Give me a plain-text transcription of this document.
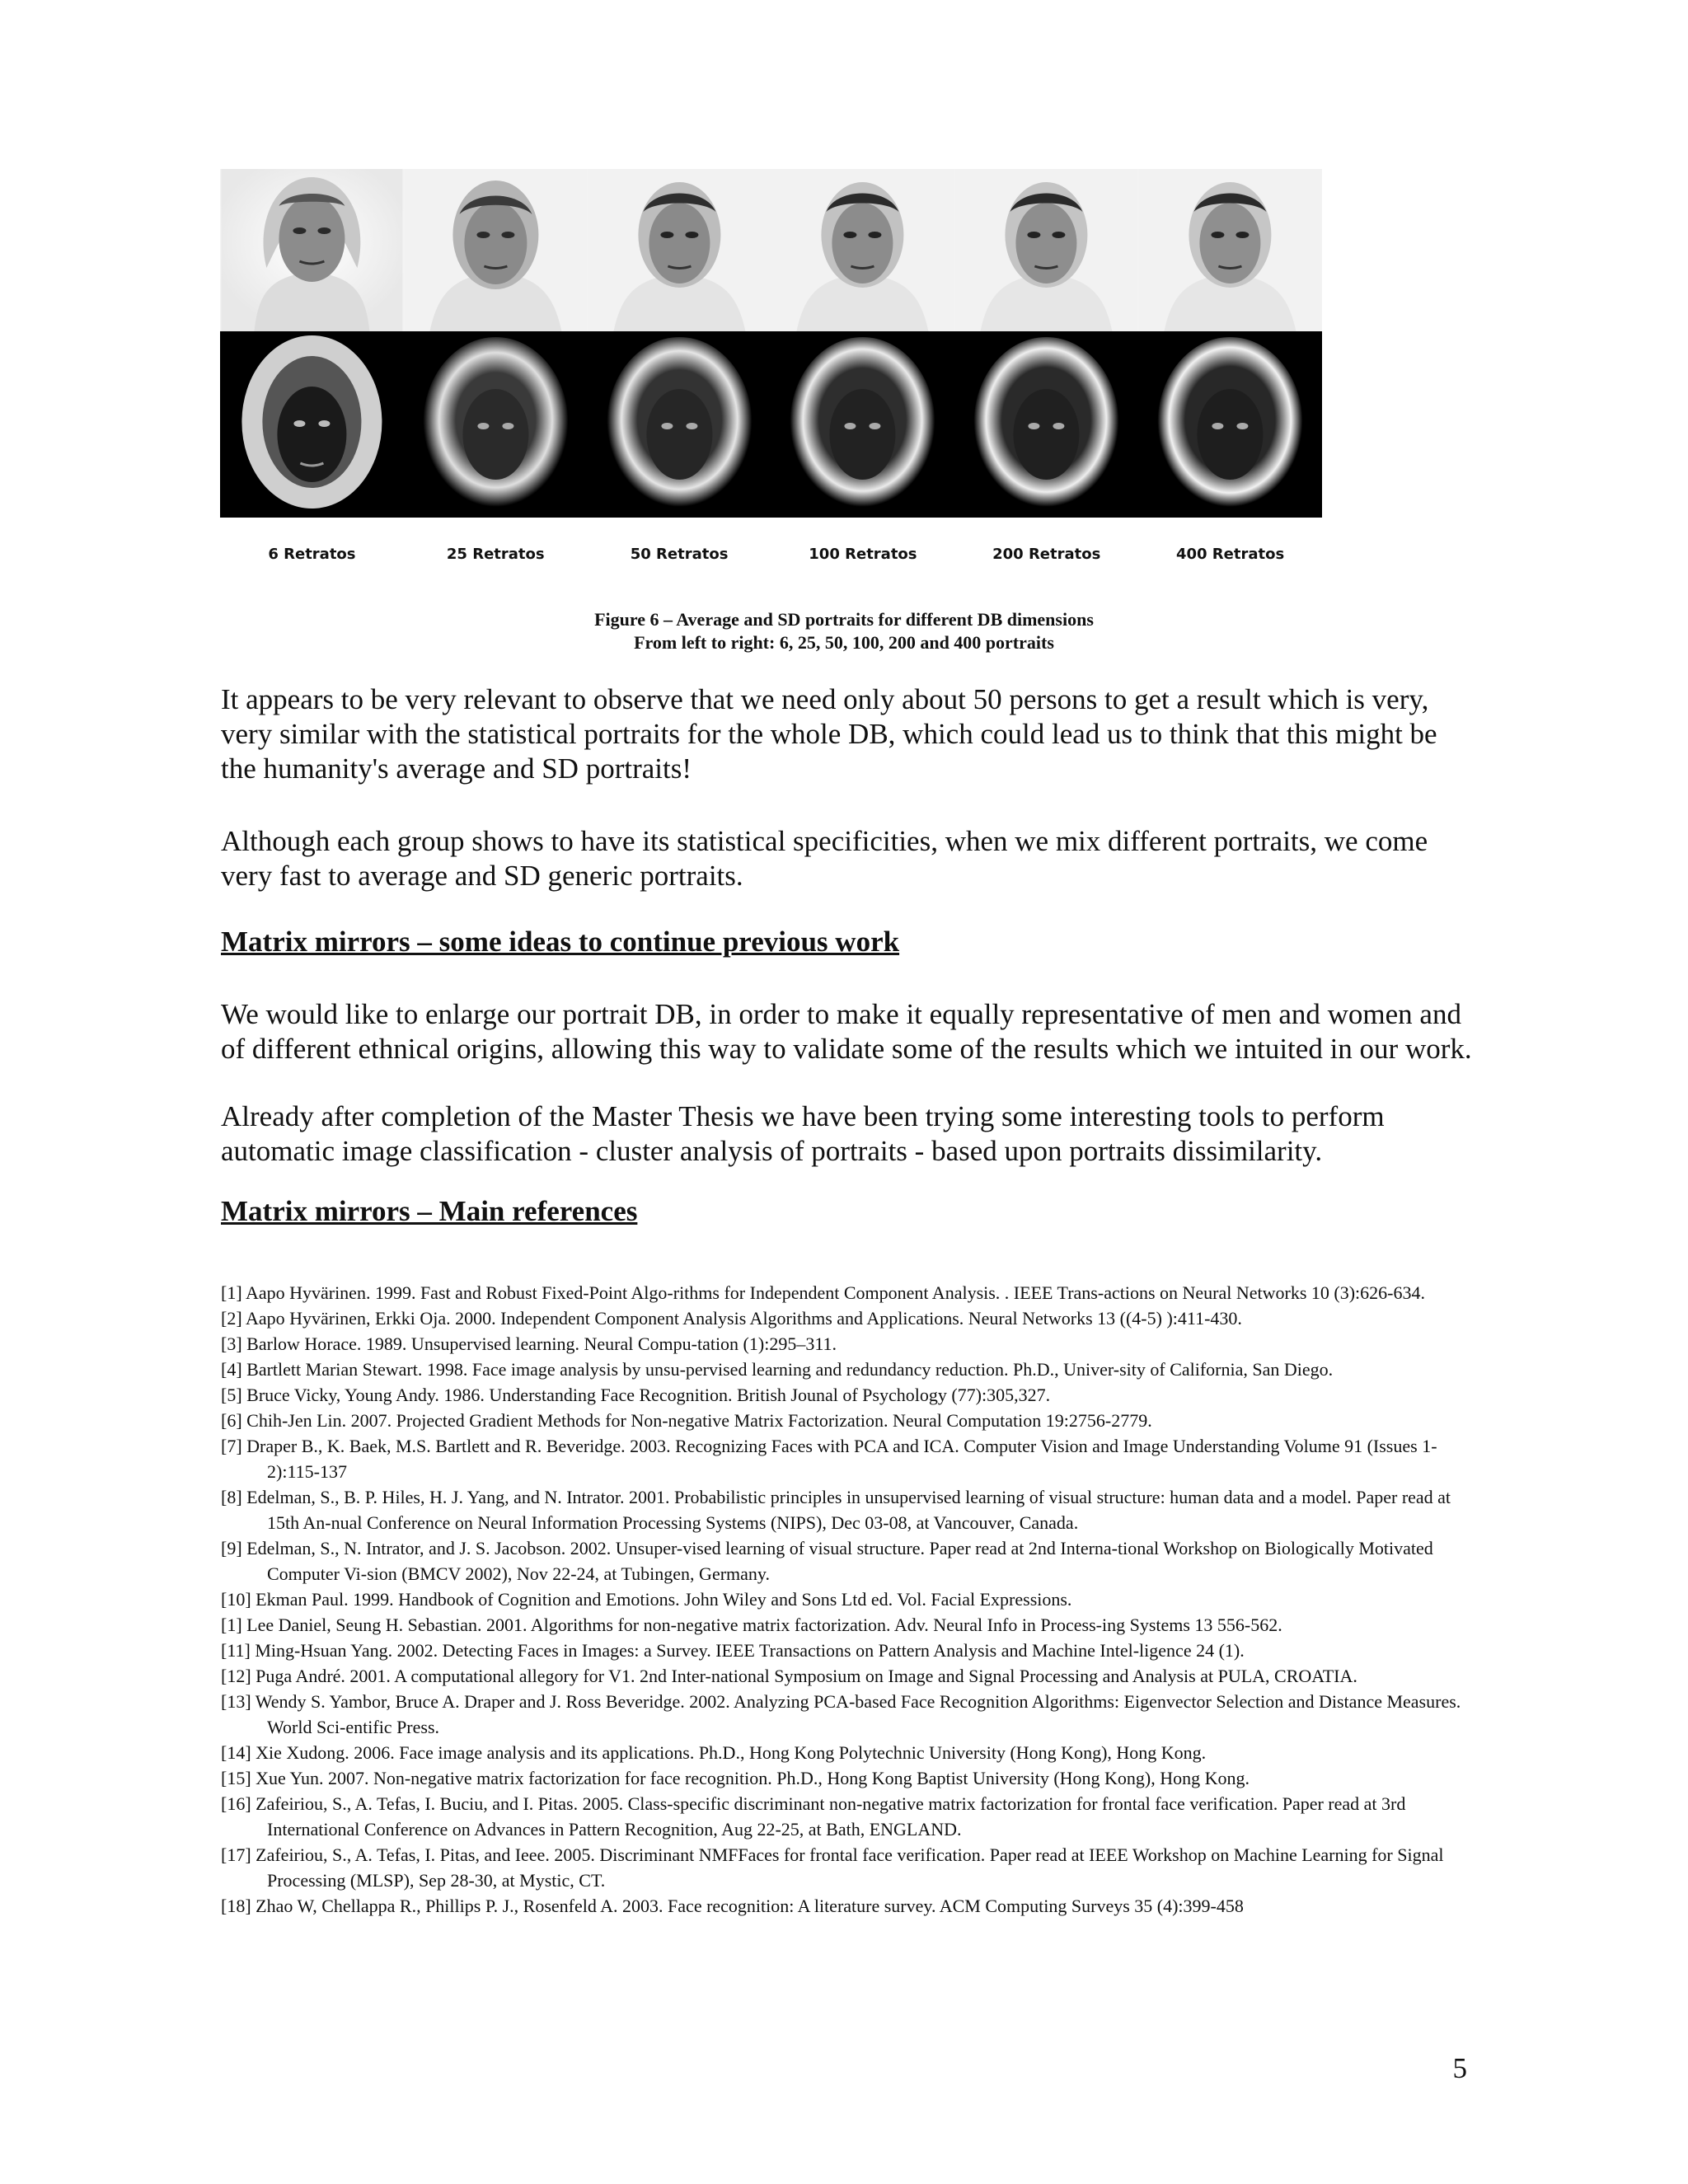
6 Retratos	25 Retratos	50 Retratos	100 Retratos	200 Retratos	400 Retratos
Figure 6 – Average and SD portraits for different DB dimensions
From left to right: 6, 25, 50, 100, 200 and 400 portraits

It appears to be very relevant to observe that we need only about 50 persons to get a result which is very, very similar with the statistical portraits for the whole DB, which could lead us to think that this might be the humanity's average and SD portraits!

Although each group shows to have its statistical specificities, when we mix different portraits, we come very fast to average and SD generic portraits.

Matrix mirrors – some ideas to continue previous work

We would like to enlarge our portrait DB, in order to make it equally representative of men and women and of different ethnical origins, allowing this way to validate some of the results which we intuited in our work.

Already after completion of the Master Thesis we have been trying some interesting tools to perform automatic image classification - cluster analysis of portraits - based upon portraits dissimilarity.

Matrix mirrors – Main references

[1] Aapo Hyvärinen. 1999. Fast and Robust Fixed-Point Algo-rithms for Independent Component Analysis. . IEEE Trans-actions on Neural Networks 10 (3):626-634.

[2] Aapo Hyvärinen, Erkki Oja. 2000. Independent Component Analysis Algorithms and Applications. Neural Networks 13 ((4-5) ):411-430.

[3] Barlow Horace. 1989. Unsupervised learning. Neural Compu-tation (1):295–311.

[4] Bartlett Marian Stewart. 1998. Face image analysis by unsu-pervised learning and redundancy reduction. Ph.D., Univer-sity of California, San Diego.

[5] Bruce Vicky, Young Andy. 1986. Understanding Face Recognition. British Jounal of Psychology (77):305,327.

[6] Chih-Jen Lin. 2007. Projected Gradient Methods for Non-negative Matrix Factorization. Neural Computation 19:2756-2779.

[7] Draper B., K. Baek, M.S. Bartlett and R. Beveridge. 2003. Recognizing Faces with PCA and ICA. Computer Vision and Image Understanding Volume 91 (Issues 1-2):115-137

[8] Edelman, S., B. P. Hiles, H. J. Yang, and N. Intrator. 2001. Probabilistic principles in unsupervised learning of visual structure: human data and a model. Paper read at 15th An-nual Conference on Neural Information Processing Systems (NIPS), Dec 03-08, at Vancouver, Canada.

[9] Edelman, S., N. Intrator, and J. S. Jacobson. 2002. Unsuper-vised learning of visual structure. Paper read at 2nd Interna-tional Workshop on Biologically Motivated Computer Vi-sion (BMCV 2002), Nov 22-24, at Tubingen, Germany.

[10] Ekman Paul. 1999. Handbook of Cognition and Emotions. John Wiley and Sons Ltd ed. Vol. Facial Expressions.

[1] Lee Daniel, Seung H. Sebastian. 2001. Algorithms for non-negative matrix factorization. Adv. Neural Info in Process-ing Systems 13 556-562.

[11] Ming-Hsuan Yang. 2002. Detecting Faces in Images: a Survey. IEEE Transactions on Pattern Analysis and Machine Intel-ligence 24 (1).

[12] Puga André. 2001. A computational allegory for V1. 2nd Inter-national Symposium on Image and Signal Processing and Analysis at PULA, CROATIA.

[13] Wendy S. Yambor, Bruce A. Draper and J. Ross Beveridge. 2002. Analyzing PCA-based Face Recognition Algorithms: Eigenvector Selection and Distance Measures. World Sci-entific Press.

[14] Xie Xudong. 2006. Face image analysis and its applications. Ph.D., Hong Kong Polytechnic University (Hong Kong), Hong Kong.

[15] Xue Yun. 2007. Non-negative matrix factorization for face recognition. Ph.D., Hong Kong Baptist University (Hong Kong), Hong Kong.

[16] Zafeiriou, S., A. Tefas, I. Buciu, and I. Pitas. 2005. Class-specific discriminant non-negative matrix factorization for frontal face verification. Paper read at 3rd International Conference on Advances in Pattern Recognition, Aug 22-25, at Bath, ENGLAND.

[17] Zafeiriou, S., A. Tefas, I. Pitas, and Ieee. 2005. Discriminant NMFFaces for frontal face verification. Paper read at IEEE Workshop on Machine Learning for Signal Processing (MLSP), Sep 28-30, at Mystic, CT.

[18] Zhao W, Chellappa R., Phillips P. J., Rosenfeld A. 2003. Face recognition: A literature survey. ACM Computing Surveys 35 (4):399-458

5
